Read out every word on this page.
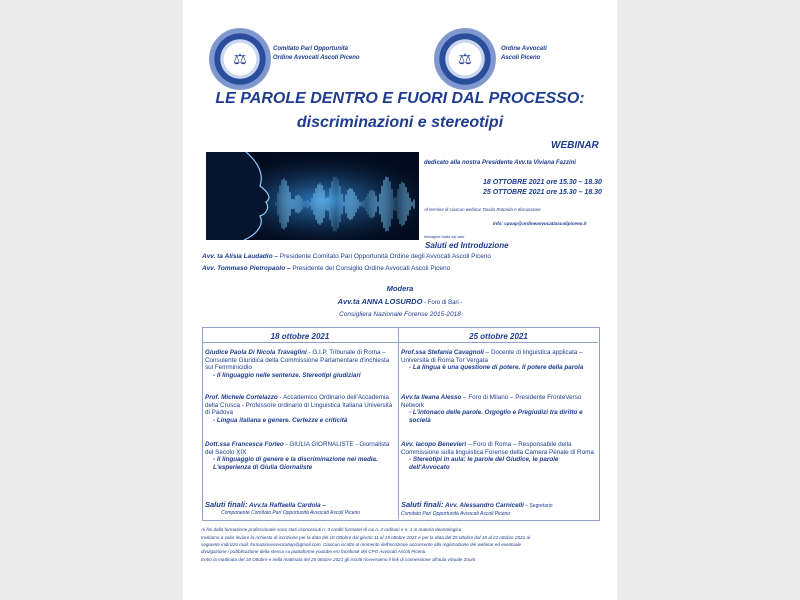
⚖
Comitato Pari Opportunità
Ordine Avvocati Ascoli Piceno	⚖
Ordine Avvocati
Ascoli Piceno
LE PAROLE DENTRO E FUORI DAL PROCESSO:
discriminazioni e stereotipi
WEBINAR
dedicato alla nostra Presidente Avv.ta Viviana Fazzini
18 OTTOBRE 2021 ore 15.30 – 18.30
25 OTTOBRE 2021 ore 15.30 – 18.30
Al termine di ciascun webinar Tavola Rotonda e discussione
Info: cpoap@ordineavvocatiascolipiceno.it
immagine tratta dal web
Saluti ed Introduzione
Avv. ta Alisia Laudadio – Presidente Comitato Pari Opportunità Ordine degli Avvocati Ascoli Piceno
Avv. Tommaso Pietropaolo – Presidente del Consiglio Ordine Avvocati Ascoli Piceno
Modera
Avv.ta ANNA LOSURDO - Foro di Bari -
Consigliera Nazionale Forense 2015-2018
18 ottobre 2021	25 ottobre 2021
Giudice Paola Di Nicola Travaglini - G.I.P. Tribunale di Roma – Consulente Giuridica della Commissione Parlamentare d'inchiesta sul Femminicidio
- Il linguaggio nelle sentenze. Stereotipi giudiziari
Prof. Michele Cortelazzo - Accademico Ordinario dell'Accademia della Crusca - Professore ordinario di Linguistica Italiana Università di Padova
- Lingua italiana e genere. Certezze e criticità
Dott.ssa Francesca Forleo - GIULIA GIORNALISTE - Giornalista del Secolo XIX
- Il linguaggio di genere e la discriminazione nei media. L'esperienza di Giulia Giornaliste
Saluti finali: Avv.ta Raffaella Cardola –
Componente Comitato Pari Opportunità Avvocati Ascoli Piceno
Prof.ssa Stefania Cavagnoli – Docente di linguistica applicata – Università di Roma Tor Vergata
- La lingua è una questione di potere. Il potere della parola
Avv.ta Ileana Alesso – Foro di Milano – Presidente FronteVerso Network
- L'intonaco delle parole. Orgoglio e Pregiudizi tra diritto e società
Avv. Iacopo Benevieri – Foro di Roma – Responsabile della Commissione sulla linguistica Forense della Camera Penale di Roma
- Stereotipi in aula: le parole del Giudice, le parole dell'Avvocato
Saluti finali: Avv. Alessandro Carnicelli – Segretario
Comitato Pari Opportunità Avvocati Ascoli Piceno
Ai fini della formazione professionale sono stati riconosciuti n. 3 crediti formativi di cui n. 2 ordinari e n. 1 in materia deontologica
Invitiamo a voler inviare la richiesta di iscrizione per la data del 18 Ottobre dal giorno 11 al 15 ottobre 2021 e per la data del 25 ottobre dal 18 al 22 ottobre 2021 al
seguente indirizzo mail: formazioneavvocatiap@gmail.com. Ciascun iscritto al momento dell'iscrizione acconsente alla registrazione del webinar ed eventuale
divulgazione / pubblicazione della stessa su piattaforme youtube e/o facebook del CPO Avvocati Ascoli Piceno.
Entro la mattinata del 18 Ottobre e nella mattinata del 25 ottobre 2021 gli iscritti riceveranno il link di connessione all'aula virtuale Zoom.
